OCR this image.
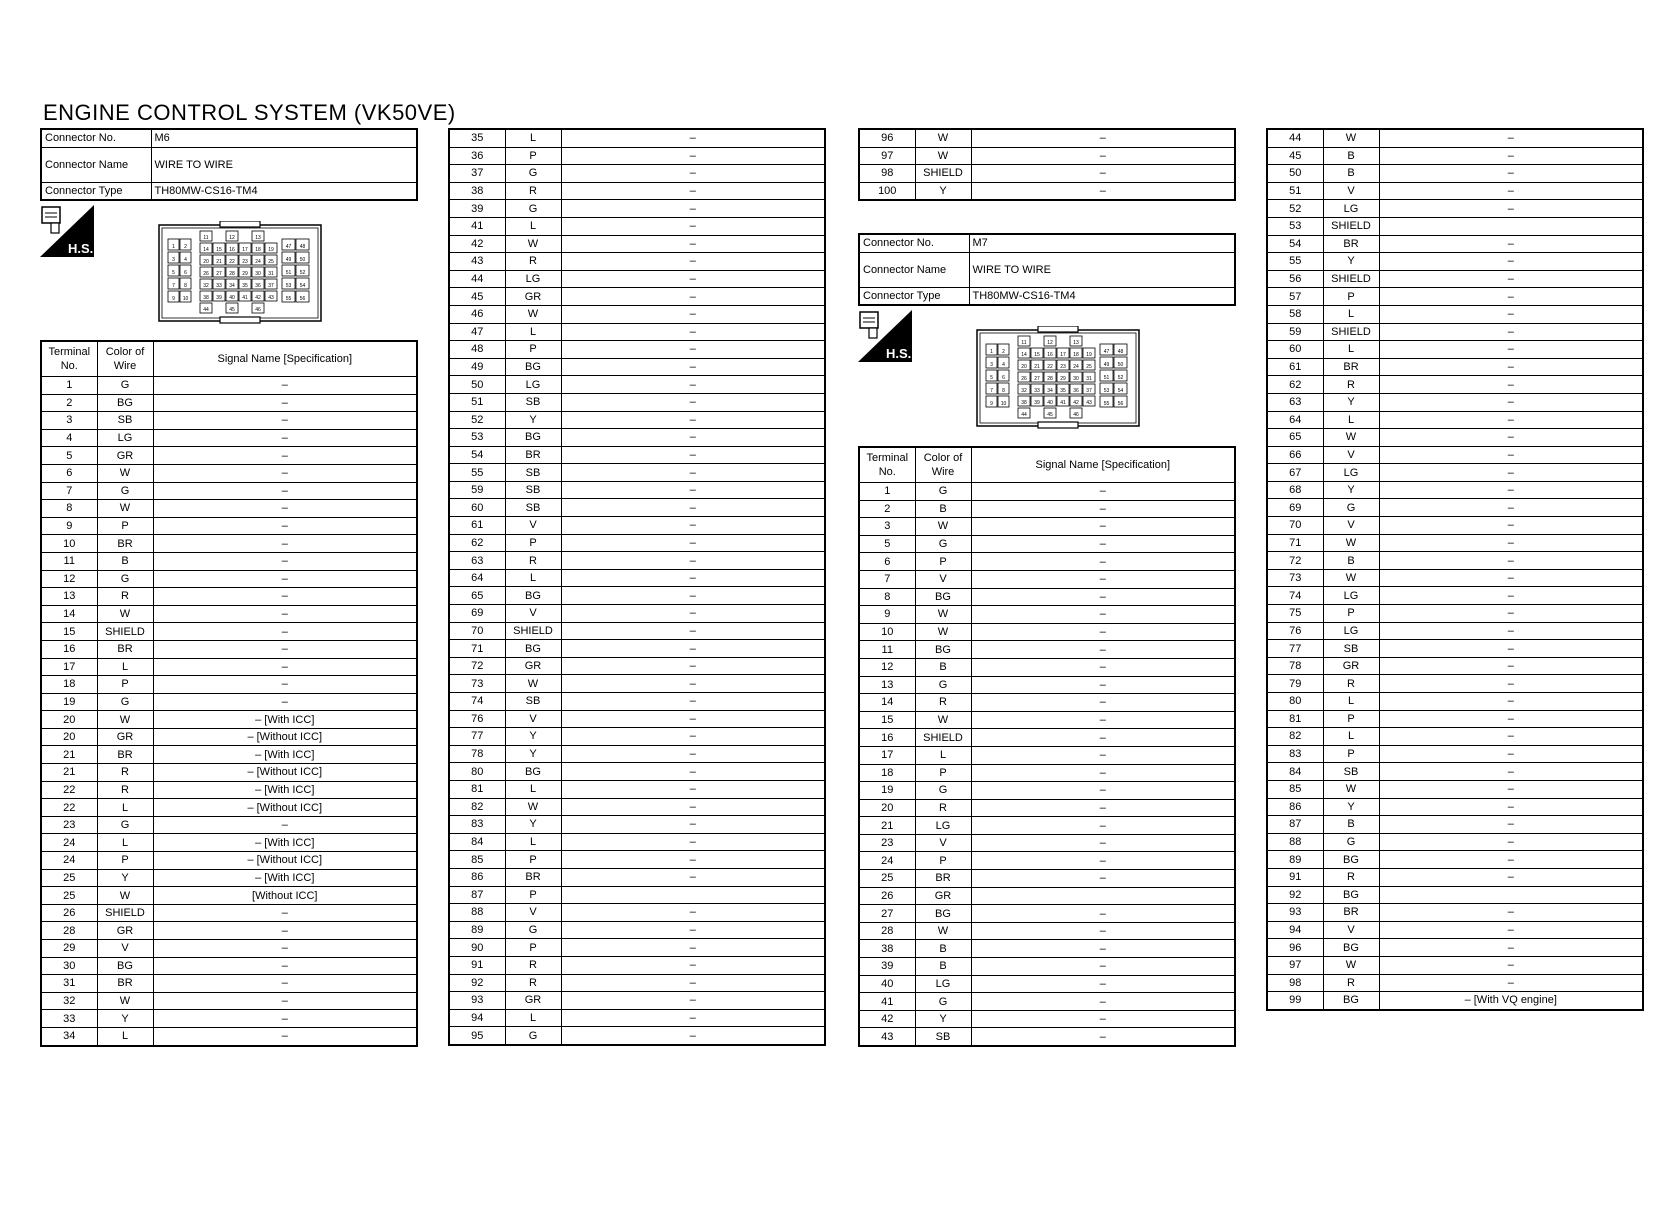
ENGINE CONTROL SYSTEM (VK50VE)
Connector No.	M6
Connector Name	WIRE TO WIRE
Connector Type	TH80MW-CS16-TM4
H.S.	1 2
3 4
5 6
7 8
9 10
11	12	13
14 15 16 17 18 19
20 21 22 23 24 25
26 27 28 29 30 31
32 33 34 35 36 37
38 39 40 41 42 43
44	45	46
47 48
49 50
51 52
53 54
55 56
Connector No.	M7
Connector Name	WIRE TO WIRE
Connector Type	TH80MW-CS16-TM4
H.S.	1 2
3 4
5 6
7 8
9 10
11	12	13
14 15 16 17 18 19
20 21 22 23 24 25
26 27 28 29 30 31
32 33 34 35 36 37
38 39 40 41 42 43
44	45	46
47 48
49 50
51 52
53 54
55 56
Terminal No.	Color of Wire	Signal Name [Specification]
1	G	–
2	BG	–
3	SB	–
4	LG	–
5	GR	–
6	W	–
7	G	–
8	W	–
9	P	–
10	BR	–
11	B	–
12	G	–
13	R	–
14	W	–
15	SHIELD	–
16	BR	–
17	L	–
18	P	–
19	G	–
20	W	– [With ICC]
20	GR	– [Without ICC]
21	BR	– [With ICC]
21	R	– [Without ICC]
22	R	– [With ICC]
22	L	– [Without ICC]
23	G	–
24	L	– [With ICC]
24	P	– [Without ICC]
25	Y	– [With ICC]
25	W	[Without ICC]
26	SHIELD	–
28	GR	–
29	V	–
30	BG	–
31	BR	–
32	W	–
33	Y	–
34	L	–
35	L	–
36	P	–
37	G	–
38	R	–
39	G	–
41	L	–
42	W	–
43	R	–
44	LG	–
45	GR	–
46	W	–
47	L	–
48	P	–
49	BG	–
50	LG	–
51	SB	–
52	Y	–
53	BG	–
54	BR	–
55	SB	–
59	SB	–
60	SB	–
61	V	–
62	P	–
63	R	–
64	L	–
65	BG	–
69	V	–
70	SHIELD	–
71	BG	–
72	GR	–
73	W	–
74	SB	–
76	V	–
77	Y	–
78	Y	–
80	BG	–
81	L	–
82	W	–
83	Y	–
84	L	–
85	P	–
86	BR	–
87	P	
88	V	–
89	G	–
90	P	–
91	R	–
92	R	–
93	GR	–
94	L	–
95	G	–
96	W	–
97	W	–
98	SHIELD	–
100	Y	–
Terminal No.	Color of Wire	Signal Name [Specification]
1	G	–
2	B	–
3	W	–
5	G	–
6	P	–
7	V	–
8	BG	–
9	W	–
10	W	–
11	BG	–
12	B	–
13	G	–
14	R	–
15	W	–
16	SHIELD	–
17	L	–
18	P	–
19	G	–
20	R	–
21	LG	–
23	V	–
24	P	–
25	BR	–
26	GR	
27	BG	–
28	W	–
38	B	–
39	B	–
40	LG	–
41	G	–
42	Y	–
43	SB	–
44	W	–
45	B	–
50	B	–
51	V	–
52	LG	–
53	SHIELD	
54	BR	–
55	Y	–
56	SHIELD	–
57	P	–
58	L	–
59	SHIELD	–
60	L	–
61	BR	–
62	R	–
63	Y	–
64	L	–
65	W	–
66	V	–
67	LG	–
68	Y	–
69	G	–
70	V	–
71	W	–
72	B	–
73	W	–
74	LG	–
75	P	–
76	LG	–
77	SB	–
78	GR	–
79	R	–
80	L	–
81	P	–
82	L	–
83	P	–
84	SB	–
85	W	–
86	Y	–
87	B	–
88	G	–
89	BG	–
91	R	–
92	BG	
93	BR	–
94	V	–
96	BG	–
97	W	–
98	R	–
99	BG	– [With VQ engine]
